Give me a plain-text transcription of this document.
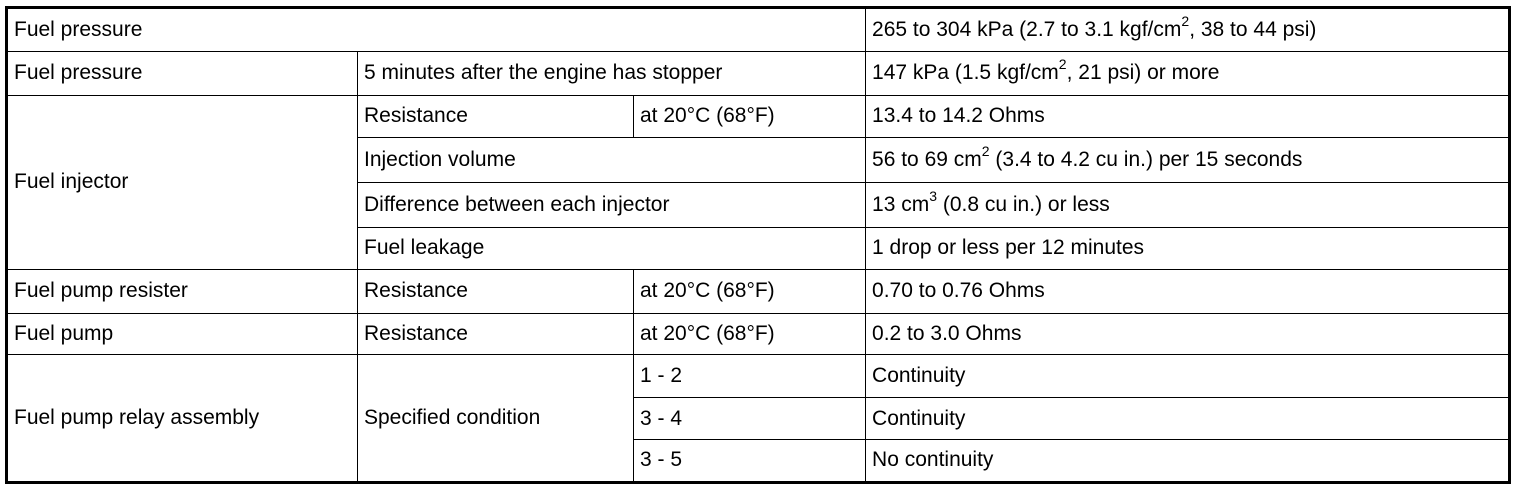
Fuel pressure			265 to 304 kPa (2.7 to 3.1 kgf/$cm^2$, 38 to 44 psi)
Fuel pressure	5 minutes after the engine has stopper		147 kPa (1.5 kgf/$cm^2$, 21 psi) or more
Fuel injector	Resistance	at 20°C (68°F)	13.4 to 14.2 Ohms
	Injection volume		56 to 69 $cm^2$ (3.4 to 4.2 cu in.) per 15 seconds
	Difference between each injector		13 $cm^3$ (0.8 cu in.) or less
	Fuel leakage		1 drop or less per 12 minutes
Fuel pump resister	Resistance	at 20°C (68°F)	0.70 to 0.76 Ohms
Fuel pump	Resistance	at 20°C (68°F)	0.2 to 3.0 Ohms
Fuel pump relay assembly	Specified condition	1 - 2	Continuity
		3 - 4	Continuity
		3 - 5	No continuity
